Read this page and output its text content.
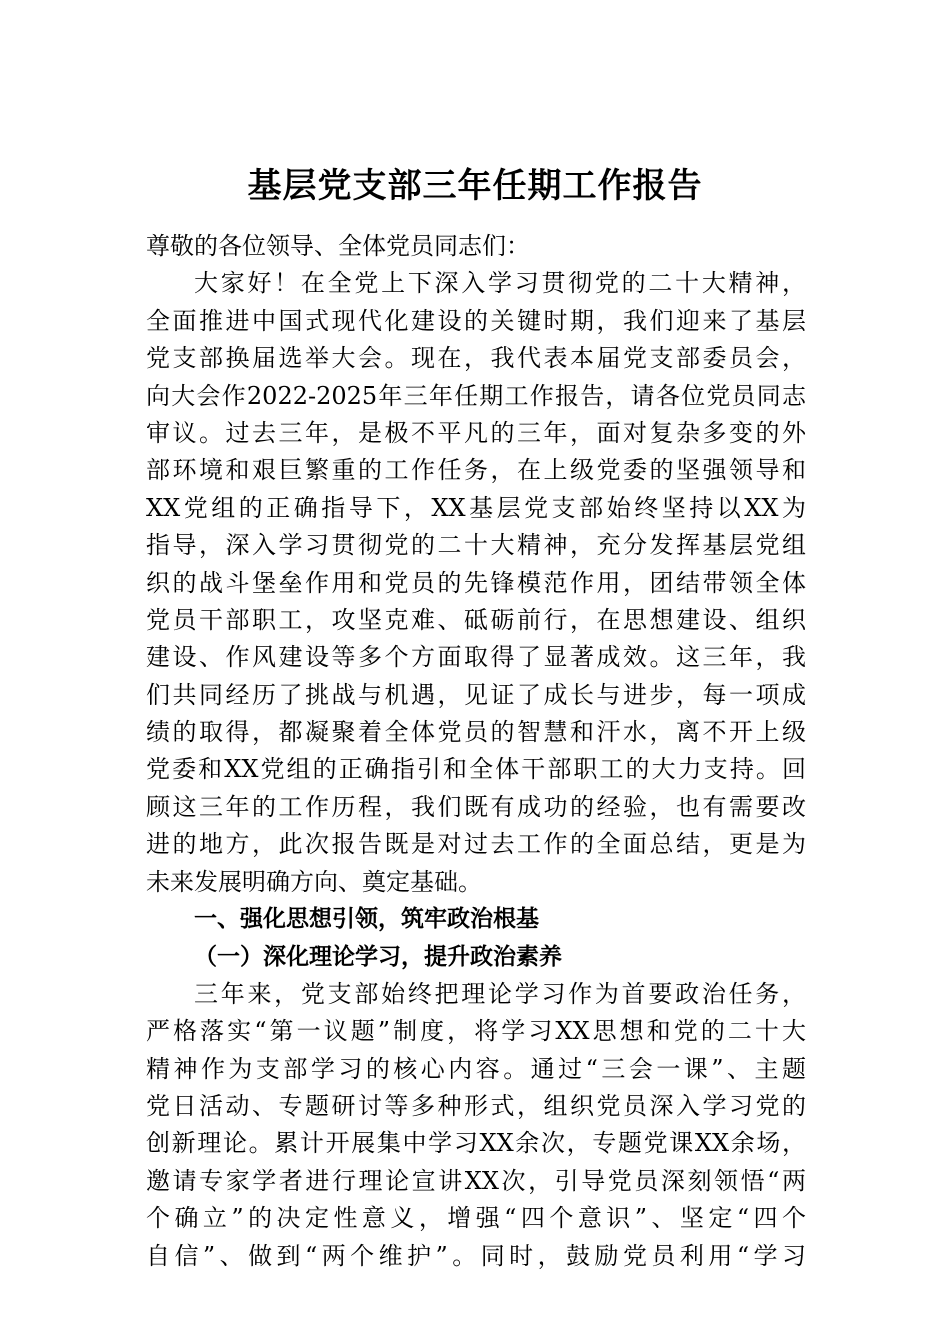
基层党支部三年任期工作报告
尊敬的各位领导、全体党员同志们：
大家好！在全党上下深入学习贯彻党的二十大精神，
全面推进中国式现代化建设的关键时期，我们迎来了基层
党支部换届选举大会。现在，我代表本届党支部委员会，
向大会作2022-2025年三年任期工作报告，请各位党员同志
审议。过去三年，是极不平凡的三年，面对复杂多变的外
部环境和艰巨繁重的工作任务，在上级党委的坚强领导和
XX党组的正确指导下，XX基层党支部始终坚持以XX为
指导，深入学习贯彻党的二十大精神，充分发挥基层党组
织的战斗堡垒作用和党员的先锋模范作用，团结带领全体
党员干部职工，攻坚克难、砥砺前行，在思想建设、组织
建设、作风建设等多个方面取得了显著成效。这三年，我
们共同经历了挑战与机遇，见证了成长与进步，每一项成
绩的取得，都凝聚着全体党员的智慧和汗水，离不开上级
党委和XX党组的正确指引和全体干部职工的大力支持。回
顾这三年的工作历程，我们既有成功的经验，也有需要改
进的地方，此次报告既是对过去工作的全面总结，更是为
未来发展明确方向、奠定基础。
一、强化思想引领，筑牢政治根基
（一）深化理论学习，提升政治素养
三年来，党支部始终把理论学习作为首要政治任务，
严格落实“第一议题”制度，将学习XX思想和党的二十大
精神作为支部学习的核心内容。通过“三会一课”、主题
党日活动、专题研讨等多种形式，组织党员深入学习党的
创新理论。累计开展集中学习XX余次，专题党课XX余场，
邀请专家学者进行理论宣讲XX次，引导党员深刻领悟“两
个确立”的决定性意义，增强“四个意识”、坚定“四个
自信”、做到“两个维护”。同时，鼓励党员利用“学习
